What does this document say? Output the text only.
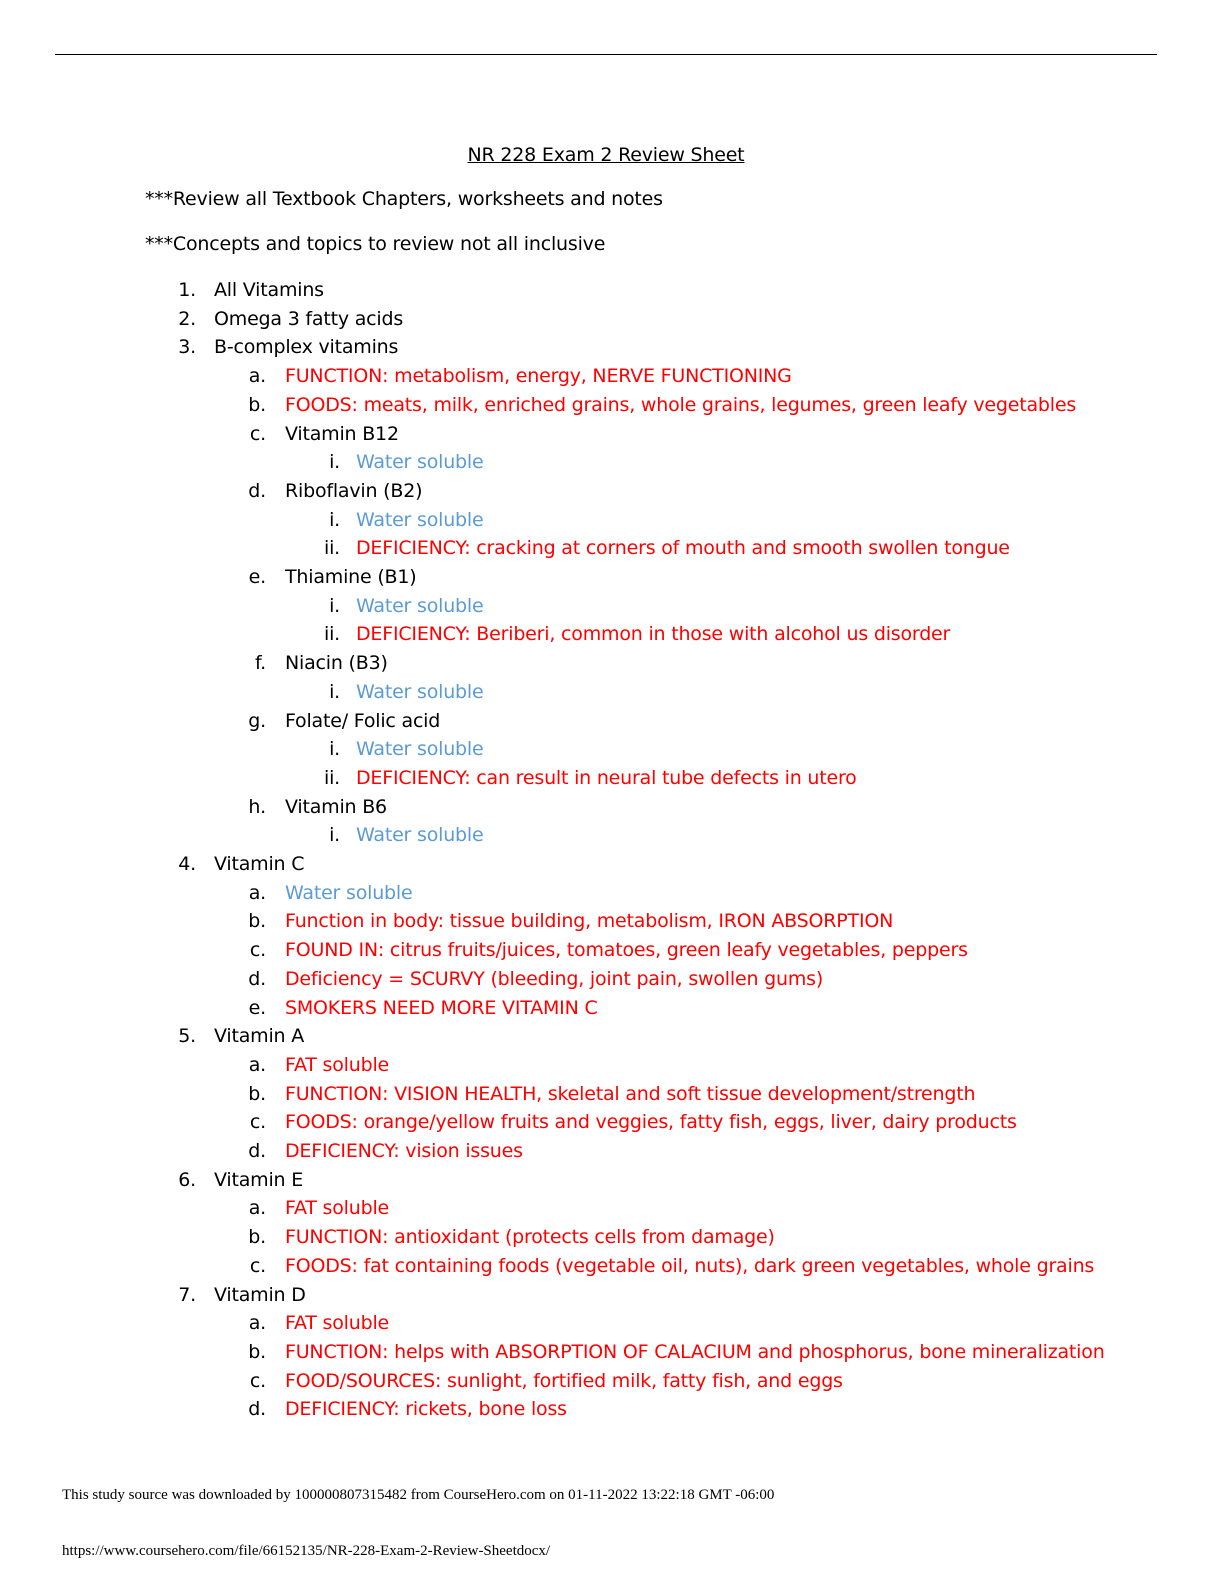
NR 228 Exam 2 Review Sheet
***Review all Textbook Chapters, worksheets and notes
***Concepts and topics to review not all inclusive
1. All Vitamins
2. Omega 3 fatty acids
3. B-complex vitamins
a. FUNCTION: metabolism, energy, NERVE FUNCTIONING
b. FOODS: meats, milk, enriched grains, whole grains, legumes, green leafy vegetables
c. Vitamin B12
i. Water soluble
d. Riboflavin (B2)
i. Water soluble
ii. DEFICIENCY: cracking at corners of mouth and smooth swollen tongue
e. Thiamine (B1)
i. Water soluble
ii. DEFICIENCY: Beriberi, common in those with alcohol us disorder
f. Niacin (B3)
i. Water soluble
g. Folate/ Folic acid
i. Water soluble
ii. DEFICIENCY: can result in neural tube defects in utero
h. Vitamin B6
i. Water soluble
4. Vitamin C
a. Water soluble
b. Function in body: tissue building, metabolism, IRON ABSORPTION
c. FOUND IN: citrus fruits/juices, tomatoes, green leafy vegetables, peppers
d. Deficiency = SCURVY (bleeding, joint pain, swollen gums)
e. SMOKERS NEED MORE VITAMIN C
5. Vitamin A
a. FAT soluble
b. FUNCTION: VISION HEALTH, skeletal and soft tissue development/strength
c. FOODS: orange/yellow fruits and veggies, fatty fish, eggs, liver, dairy products
d. DEFICIENCY: vision issues
6. Vitamin E
a. FAT soluble
b. FUNCTION: antioxidant (protects cells from damage)
c. FOODS: fat containing foods (vegetable oil, nuts), dark green vegetables, whole grains
7. Vitamin D
a. FAT soluble
b. FUNCTION: helps with ABSORPTION OF CALACIUM and phosphorus, bone mineralization
c. FOOD/SOURCES: sunlight, fortified milk, fatty fish, and eggs
d. DEFICIENCY: rickets, bone loss
This study source was downloaded by 100000807315482 from CourseHero.com on 01-11-2022 13:22:18 GMT -06:00
https://www.coursehero.com/file/66152135/NR-228-Exam-2-Review-Sheetdocx/
